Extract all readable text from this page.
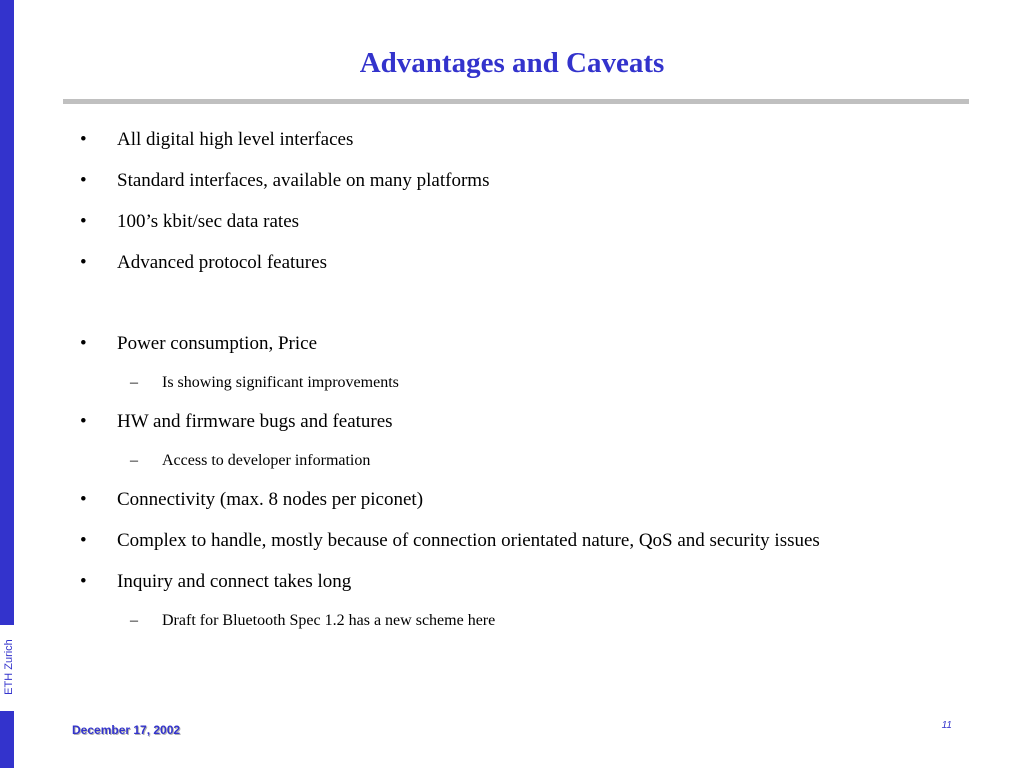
ETH Zurich
Advantages and Caveats
• All digital high level interfaces
• Standard interfaces, available on many platforms
• 100’s kbit/sec data rates
• Advanced protocol features
• Power consumption, Price
– Is showing significant improvements
• HW and firmware bugs and features
– Access to developer information
• Connectivity (max. 8 nodes per piconet)
• Complex to handle, mostly because of connection orientated nature, QoS and security issues
• Inquiry and connect takes long
– Draft for Bluetooth Spec 1.2 has a new scheme here
December 17, 2002	11
